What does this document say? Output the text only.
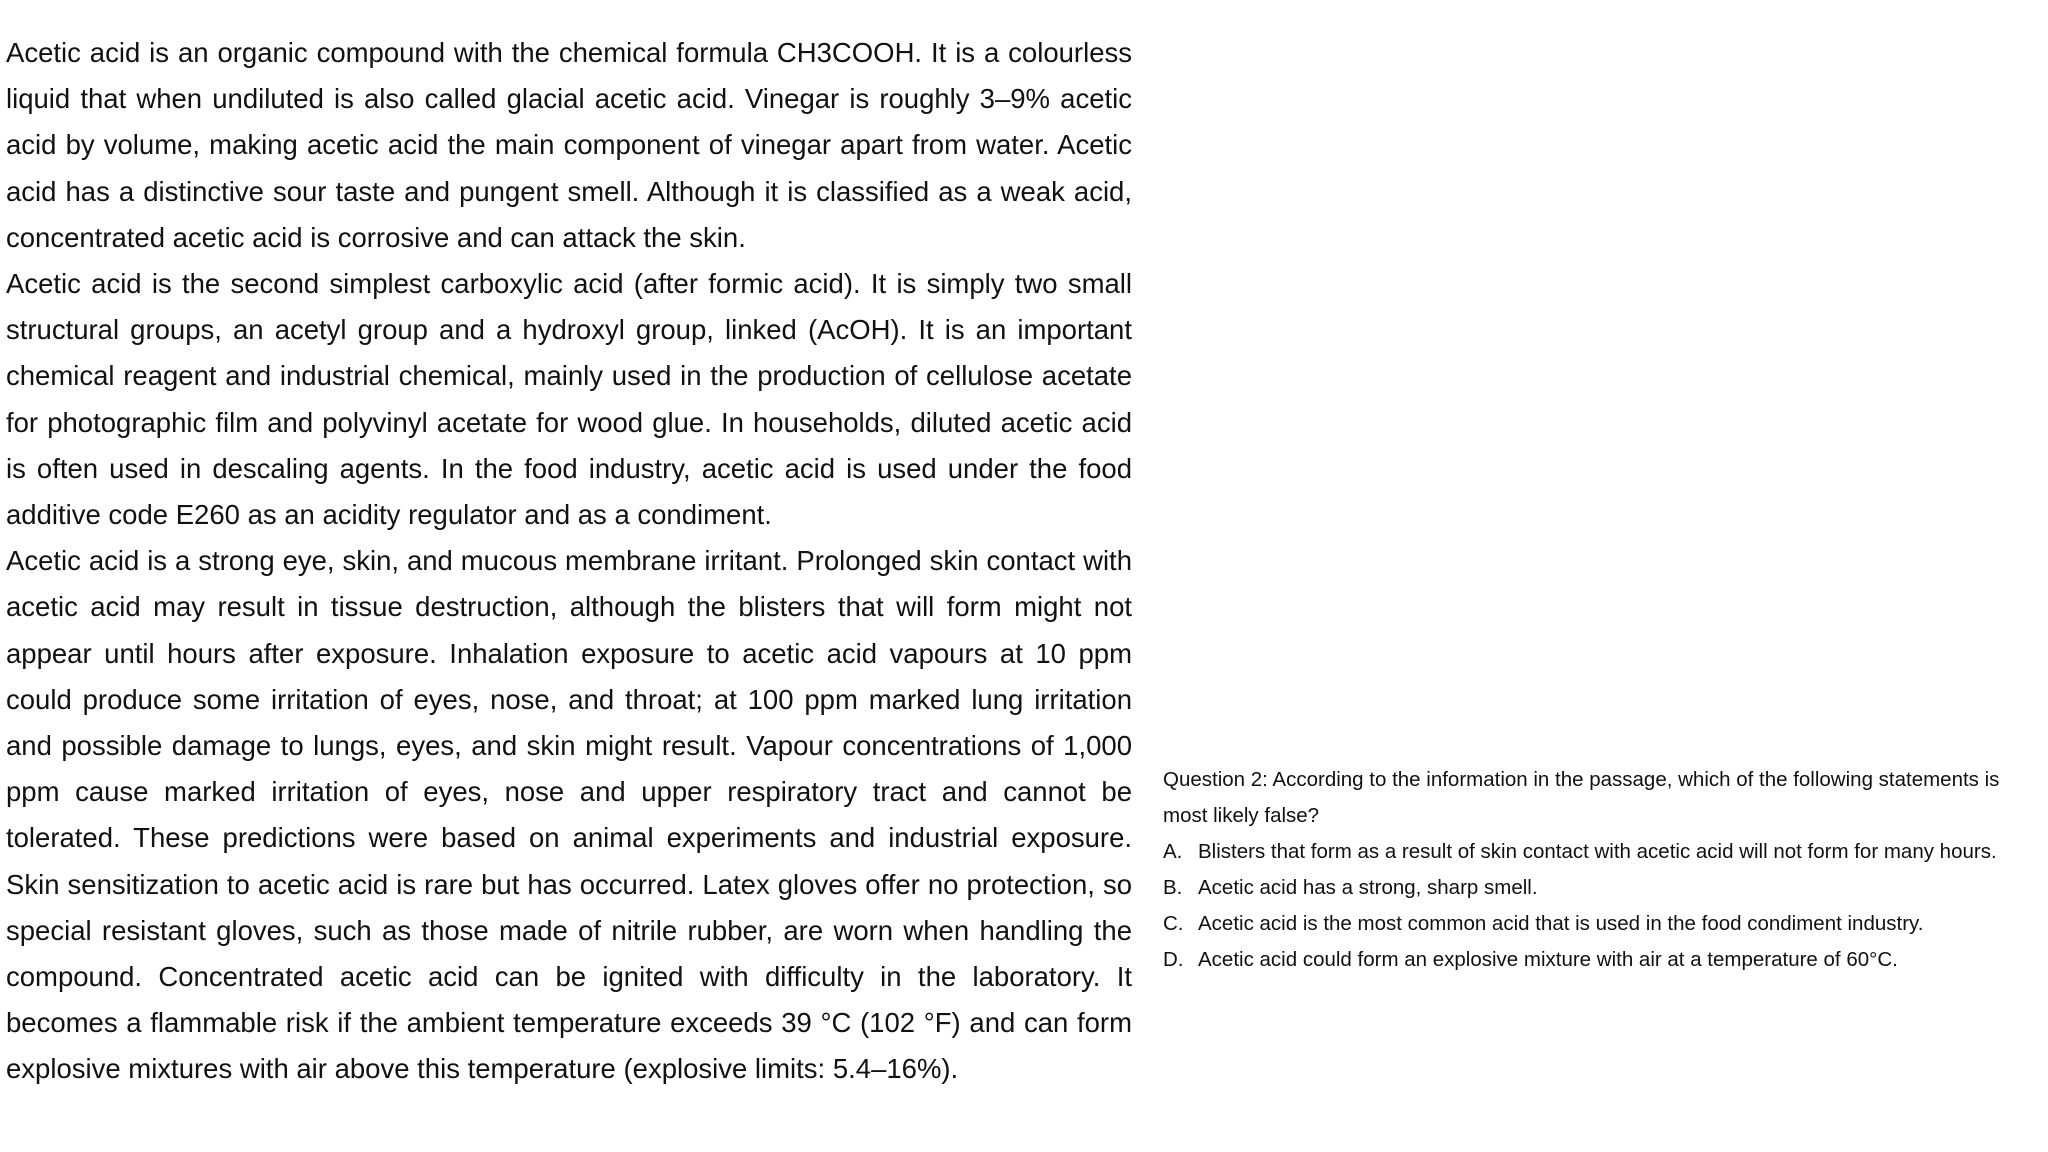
Acetic acid is an organic compound with the chemical formula CH3COOH. It is a colourless liquid that when undiluted is also called glacial acetic acid. Vinegar is roughly 3–9% acetic acid by volume, making acetic acid the main component of vinegar apart from water. Acetic acid has a distinctive sour taste and pungent smell. Although it is classified as a weak acid, concentrated acetic acid is corrosive and can attack the skin.

Acetic acid is the second simplest carboxylic acid (after formic acid). It is simply two small structural groups, an acetyl group and a hydroxyl group, linked (AcOH). It is an important chemical reagent and industrial chemical, mainly used in the production of cellulose acetate for photographic film and polyvinyl acetate for wood glue. In households, diluted acetic acid is often used in descaling agents. In the food industry, acetic acid is used under the food additive code E260 as an acidity regulator and as a condiment.

Acetic acid is a strong eye, skin, and mucous membrane irritant. Prolonged skin contact with acetic acid may result in tissue destruction, although the blisters that will form might not appear until hours after exposure. Inhalation exposure to acetic acid vapours at 10 ppm could produce some irritation of eyes, nose, and throat; at 100 ppm marked lung irritation and possible damage to lungs, eyes, and skin might result. Vapour concentrations of 1,000 ppm cause marked irritation of eyes, nose and upper respiratory tract and cannot be tolerated. These predictions were based on animal experiments and industrial exposure. Skin sensitization to acetic acid is rare but has occurred. Latex gloves offer no protection, so special resistant gloves, such as those made of nitrile rubber, are worn when handling the compound. Concentrated acetic acid can be ignited with difficulty in the laboratory. It becomes a flammable risk if the ambient temperature exceeds 39 °C (102 °F) and can form explosive mixtures with air above this temperature (explosive limits: 5.4–16%).

Question 2: According to the information in the passage, which of the following statements is most likely false?

A. Blisters that form as a result of skin contact with acetic acid will not form for many hours.
B. Acetic acid has a strong, sharp smell.
C. Acetic acid is the most common acid that is used in the food condiment industry.
D. Acetic acid could form an explosive mixture with air at a temperature of 60°C.
